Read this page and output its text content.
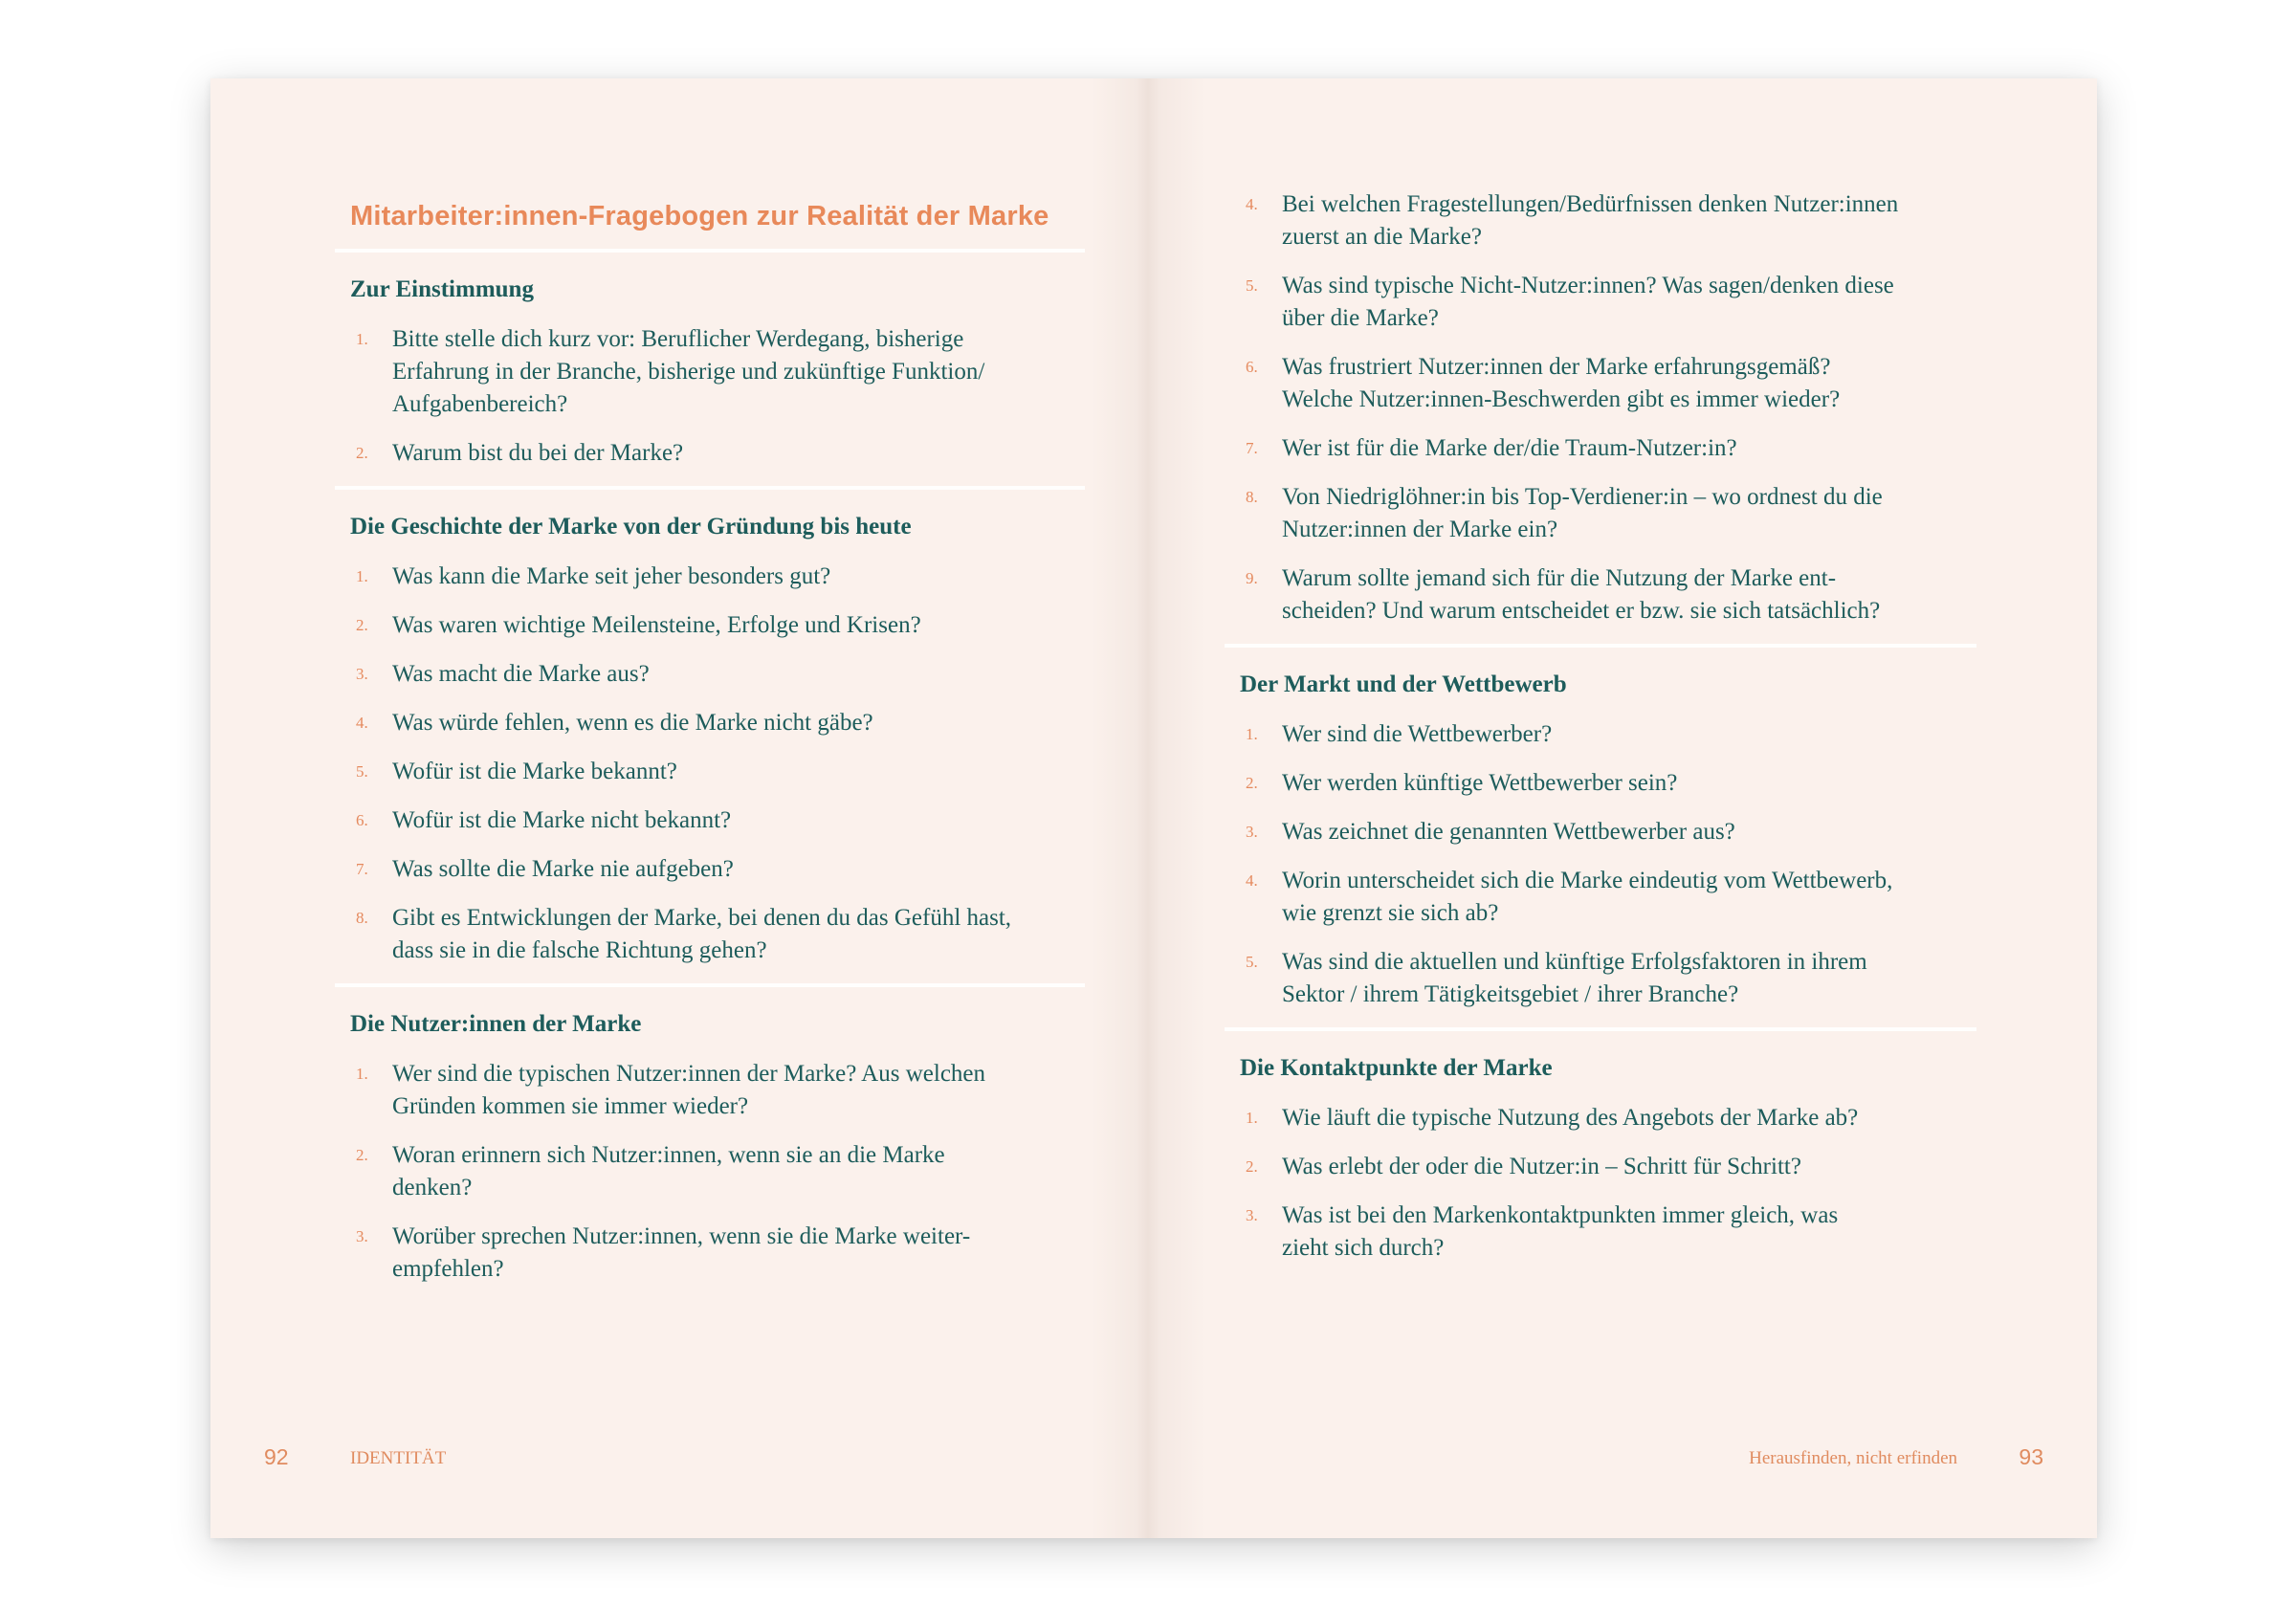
Mitarbeiter:innen-Fragebogen zur Realität der Marke
Zur Einstimmung
1.	Bitte stelle dich kurz vor: Beruflicher Werdegang, bisherige
Erfahrung in der Branche, bisherige und zukünftige Funktion/
Aufgabenbereich?
2.	Warum bist du bei der Marke?
Die Geschichte der Marke von der Gründung bis heute
1.	Was kann die Marke seit jeher besonders gut?
2.	Was waren wichtige Meilensteine, Erfolge und Krisen?
3.	Was macht die Marke aus?
4.	Was würde fehlen, wenn es die Marke nicht gäbe?
5.	Wofür ist die Marke bekannt?
6.	Wofür ist die Marke nicht bekannt?
7.	Was sollte die Marke nie aufgeben?
8.	Gibt es Entwicklungen der Marke, bei denen du das Gefühl hast,
dass sie in die falsche Richtung gehen?
Die Nutzer:innen der Marke
1.	Wer sind die typischen Nutzer:innen der Marke? Aus welchen
Gründen kommen sie immer wieder?
2.	Woran erinnern sich Nutzer:innen, wenn sie an die Marke
denken?
3.	Worüber sprechen Nutzer:innen, wenn sie die Marke weiter-
empfehlen?
4.	Bei welchen Fragestellungen/Bedürfnissen denken Nutzer:innen
zuerst an die Marke?
5.	Was sind typische Nicht-Nutzer:innen? Was sagen/denken diese
über die Marke?
6.	Was frustriert Nutzer:innen der Marke erfahrungsgemäß?
Welche Nutzer:innen-Beschwerden gibt es immer wieder?
7.	Wer ist für die Marke der/die Traum-Nutzer:in?
8.	Von Niedriglöhner:in bis Top-Verdiener:in – wo ordnest du die
Nutzer:innen der Marke ein?
9.	Warum sollte jemand sich für die Nutzung der Marke ent-
scheiden? Und warum entscheidet er bzw. sie sich tatsächlich?
Der Markt und der Wettbewerb
1.	Wer sind die Wettbewerber?
2.	Wer werden künftige Wettbewerber sein?
3.	Was zeichnet die genannten Wettbewerber aus?
4.	Worin unterscheidet sich die Marke eindeutig vom Wettbewerb,
wie grenzt sie sich ab?
5.	Was sind die aktuellen und künftige Erfolgsfaktoren in ihrem
Sektor / ihrem Tätigkeitsgebiet / ihrer Branche?
Die Kontaktpunkte der Marke
1.	Wie läuft die typische Nutzung des Angebots der Marke ab?
2.	Was erlebt der oder die Nutzer:in – Schritt für Schritt?
3.	Was ist bei den Markenkontaktpunkten immer gleich, was
zieht sich durch?
92	IDENTITÄT	Herausfinden, nicht erfinden	93
